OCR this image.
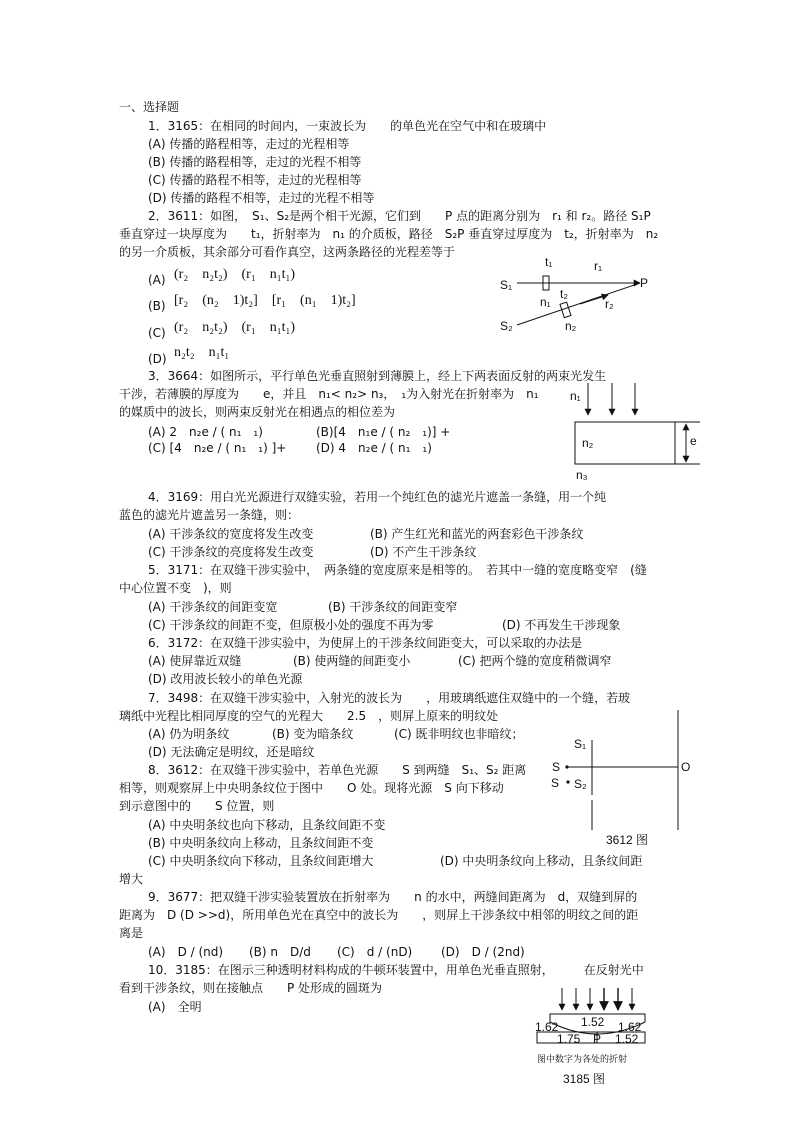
一、选择题
1．3165：在相同的时间内，一束波长为　　的单色光在空气中和在玻璃中
(A) 传播的路程相等，走过的光程相等
(B) 传播的路程相等，走过的光程不相等
(C) 传播的路程不相等，走过的光程相等
(D) 传播的路程不相等，走过的光程不相等
2．3611：如图，　S₁、S₂是两个相干光源，它们到　　P 点的距离分别为　r₁ 和 r₂。路径 S₁P
垂直穿过一块厚度为　　t₁，折射率为　n₁ 的介质板，路径　S₂P 垂直穿过厚度为　t₂，折射率为　n₂
的另一介质板，其余部分可看作真空，这两条路径的光程差等于
(A) (r₂　n₂t₂)　(r₁　n₁t₁)
(B) [r₂　(n₂　1)t₂]　[r₁　(n₁　1)t₂]
(C) (r₂　n₂t₂)　(r₁　n₁t₁)
(D) n₂t₂　n₁t₁
3．3664：如图所示，平行单色光垂直照射到薄膜上，经上下两表面反射的两束光发生
干涉，若薄膜的厚度为　　e，并且　n₁< n₂> n₃，　₁为入射光在折射率为　n₁
的媒质中的波长，则两束反射光在相遇点的相位差为
(A) 2　n₂e / ( n₁　₁)	(B)[4　n₁e / ( n₂　₁)] +
(C) [4　n₂e / ( n₁　₁) ]+ (D) 4　n₂e / ( n₁　₁)
4．3169：用白光光源进行双缝实验，若用一个纯红色的滤光片遮盖一条缝，用一个纯
蓝色的滤光片遮盖另一条缝，则：
(A) 干涉条纹的宽度将发生改变	(B) 产生红光和蓝光的两套彩色干涉条纹
(C) 干涉条纹的亮度将发生改变	(D) 不产生干涉条纹
5．3171：在双缝干涉实验中，　两条缝的宽度原来是相等的。　若其中一缝的宽度略变窄　(缝
中心位置不变　)，则
(A) 干涉条纹的间距变宽	(B) 干涉条纹的间距变窄
(C) 干涉条纹的间距不变，但原极小处的强度不再为零	(D) 不再发生干涉现象
6．3172：在双缝干涉实验中，为使屏上的干涉条纹间距变大，可以采取的办法是
(A) 使屏靠近双缝	(B) 使两缝的间距变小	(C) 把两个缝的宽度稍微调窄
(D) 改用波长较小的单色光源
7．3498：在双缝干涉实验中，入射光的波长为　　，用玻璃纸遮住双缝中的一个缝，若玻
璃纸中光程比相同厚度的空气的光程大　　2.5　，则屏上原来的明纹处
(A) 仍为明条纹	(B) 变为暗条纹	(C) 既非明纹也非暗纹；
(D) 无法确定是明纹，还是暗纹
8．3612：在双缝干涉实验中，若单色光源　　S 到两缝　S₁、S₂ 距离
相等，则观察屏上中央明条纹位于图中　　O 处。现将光源　S 向下移动
到示意图中的　　S 位置，则
(A) 中央明条纹也向下移动，且条纹间距不变
(B) 中央明条纹向上移动，且条纹间距不变
(C) 中央明条纹向下移动，且条纹间距增大	(D) 中央明条纹向上移动，且条纹间距
增大
9．3677：把双缝干涉实验装置放在折射率为　　n 的水中，两缝间距离为　d，双缝到屏的
距离为　D (D >>d)，所用单色光在真空中的波长为　　，则屏上干涉条纹中相邻的明纹之间的距
离是
(A)　D / (nd) (B) n　D/d (C)　d / (nD) (D)　D / (2nd)
10．3185：在图示三种透明材料构成的牛顿环装置中，用单色光垂直照射，　　　在反射光中
看到干涉条纹，则在接触点　　P 处形成的圆斑为
(A)　全明
t₁	r₁
S₁	P
n₁
t₂
r₂
S₂	n₂
n₁
n₂
n₃
e
S₁
S
S₂
S
O
3612 图
1.52
1.62	1.62
1.75 P 1.52
图中数字为各处的折射
3185 图
